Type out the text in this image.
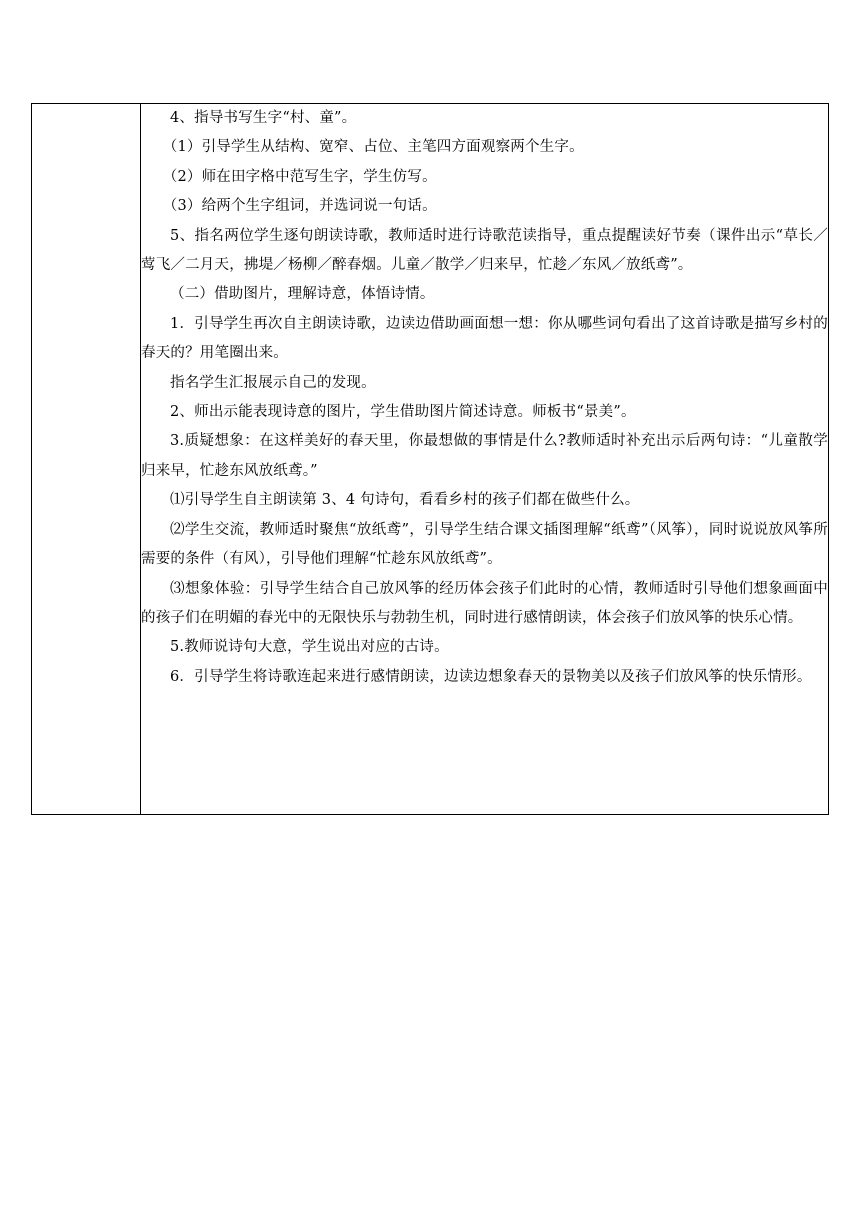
4、指导书写生字“村、童”。

（1）引导学生从结构、宽窄、占位、主笔四方面观察两个生字。

（2）师在田字格中范写生字，学生仿写。

（3）给两个生字组词，并选词说一句话。

5、指名两位学生逐句朗读诗歌，教师适时进行诗歌范读指导，重点提醒读好节奏（课件出示“草长／莺飞／二月天，拂堤／杨柳／醉春烟。儿童／散学／归来早，忙趁／东风／放纸鸢”。

（二）借助图片，理解诗意，体悟诗情。

1．引导学生再次自主朗读诗歌，边读边借助画面想一想：你从哪些词句看出了这首诗歌是描写乡村的春天的？用笔圈出来。

指名学生汇报展示自己的发现。

2、师出示能表现诗意的图片，学生借助图片简述诗意。师板书“景美”。

3.质疑想象：在这样美好的春天里，你最想做的事情是什么?教师适时补充出示后两句诗：“儿童散学归来早，忙趁东风放纸鸢。”

⑴引导学生自主朗读第 3、4 句诗句，看看乡村的孩子们都在做些什么。

⑵学生交流，教师适时聚焦“放纸鸢”，引导学生结合课文插图理解“纸鸢”（风筝），同时说说放风筝所需要的条件（有风），引导他们理解“忙趁东风放纸鸢”。

⑶想象体验：引导学生结合自己放风筝的经历体会孩子们此时的心情，教师适时引导他们想象画面中的孩子们在明媚的春光中的无限快乐与勃勃生机，同时进行感情朗读，体会孩子们放风筝的快乐心情。

5.教师说诗句大意，学生说出对应的古诗。

6．引导学生将诗歌连起来进行感情朗读，边读边想象春天的景物美以及孩子们放风筝的快乐情形。
